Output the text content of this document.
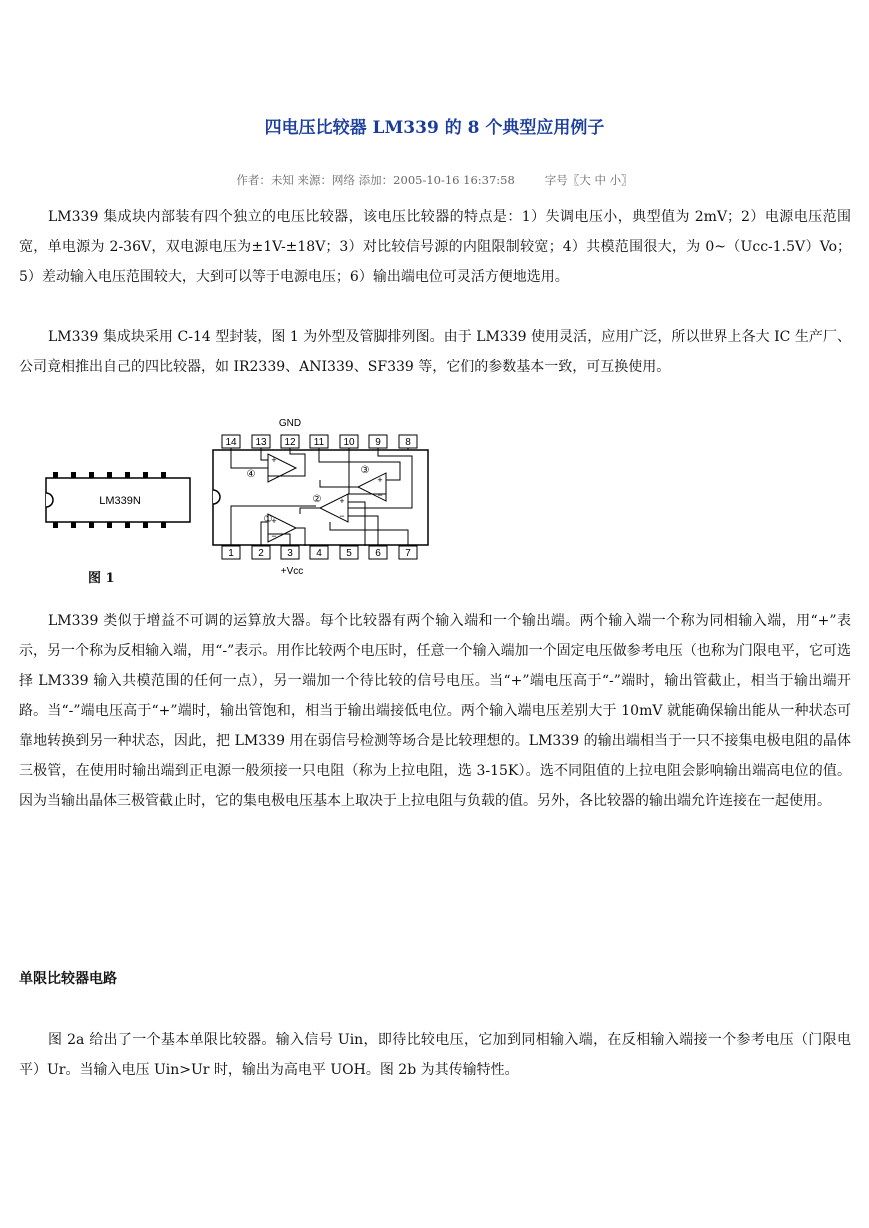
四电压比较器 LM339 的 8 个典型应用例子
作者：未知 来源：网络 添加：2005-10-16 16:37:58	字号〖大 中 小〗

LM339 集成块内部装有四个独立的电压比较器，该电压比较器的特点是：1）失调电压小，典型值为 2mV；2）电源电压范围宽，单电源为 2-36V，双电源电压为±1V-±18V；3）对比较信号源的内阻限制较宽；4）共模范围很大，为 0~（Ucc-1.5V）Vo；5）差动输入电压范围较大，大到可以等于电源电压；6）输出端电位可灵活方便地选用。

LM339 集成块采用 C-14 型封装，图 1 为外型及管脚排列图。由于 LM339 使用灵活，应用广泛，所以世界上各大 IC 生产厂、公司竟相推出自己的四比较器，如 IR2339、ANI339、SF339 等，它们的参数基本一致，可互换使用。

LM339N
GND
④	③
②
①
+
−	+
−
+
−
+
−
14 13 12 11 10 9 8
1 2 3 4 5 6 7
+Vcc
图 1

LM339 类似于增益不可调的运算放大器。每个比较器有两个输入端和一个输出端。两个输入端一个称为同相输入端，用“+”表示，另一个称为反相输入端，用“-”表示。用作比较两个电压时，任意一个输入端加一个固定电压做参考电压（也称为门限电平，它可选择 LM339 输入共模范围的任何一点），另一端加一个待比较的信号电压。当“+”端电压高于“-”端时，输出管截止，相当于输出端开路。当“-”端电压高于“+”端时，输出管饱和，相当于输出端接低电位。两个输入端电压差别大于 10mV 就能确保输出能从一种状态可靠地转换到另一种状态，因此，把 LM339 用在弱信号检测等场合是比较理想的。LM339 的输出端相当于一只不接集电极电阻的晶体三极管，在使用时输出端到正电源一般须接一只电阻（称为上拉电阻，选 3-15K）。选不同阻值的上拉电阻会影响输出端高电位的值。因为当输出晶体三极管截止时，它的集电极电压基本上取决于上拉电阻与负载的值。另外，各比较器的输出端允许连接在一起使用。

单限比较器电路

图 2a 给出了一个基本单限比较器。输入信号 Uin，即待比较电压，它加到同相输入端，在反相输入端接一个参考电压（门限电平）Ur。当输入电压 Uin>Ur 时，输出为高电平 UOH。图 2b 为其传输特性。
